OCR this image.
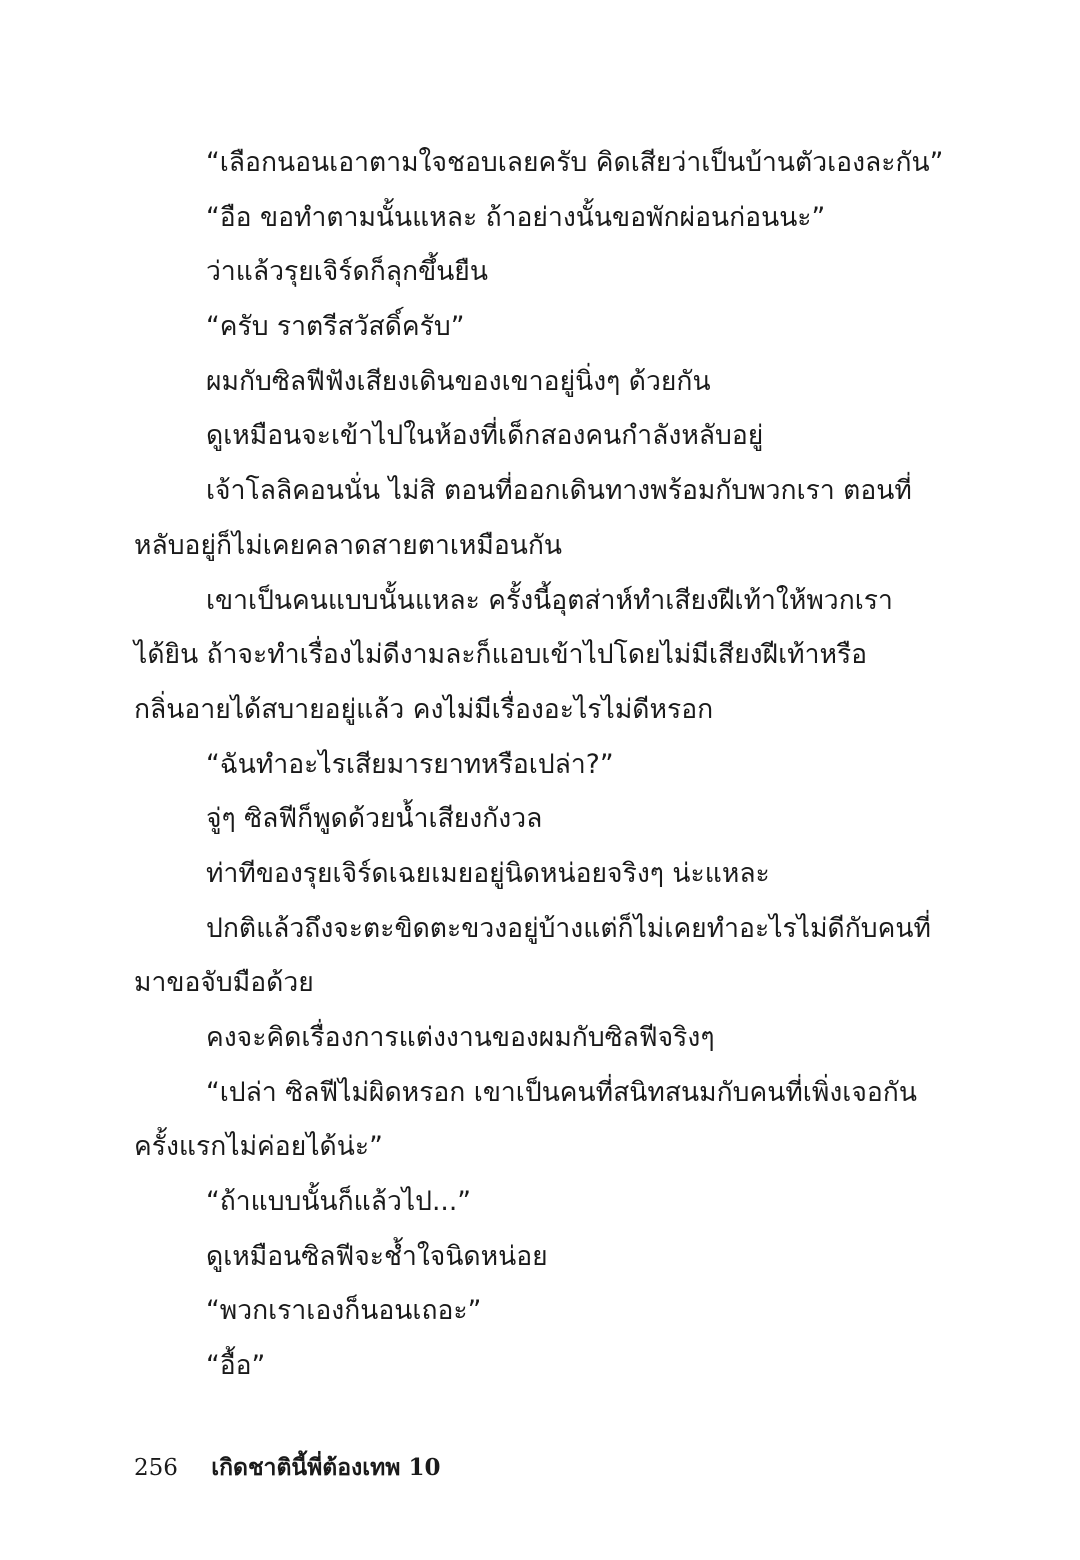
“เลือกนอนเอาตามใจชอบเลยครับ คิดเสียว่าเป็นบ้านตัวเองละกัน”
“อือ ขอทำตามนั้นแหละ ถ้าอย่างนั้นขอพักผ่อนก่อนนะ”
ว่าแล้วรุยเจิร์ดก็ลุกขึ้นยืน
“ครับ ราตรีสวัสดิ์ครับ”
ผมกับซิลฟีฟังเสียงเดินของเขาอยู่นิ่งๆ ด้วยกัน
ดูเหมือนจะเข้าไปในห้องที่เด็กสองคนกำลังหลับอยู่
เจ้าโลลิคอนนั่น ไม่สิ ตอนที่ออกเดินทางพร้อมกับพวกเรา ตอนที่
หลับอยู่ก็ไม่เคยคลาดสายตาเหมือนกัน
เขาเป็นคนแบบนั้นแหละ ครั้งนี้อุตส่าห์ทำเสียงฝีเท้าให้พวกเรา
ได้ยิน ถ้าจะทำเรื่องไม่ดีงามละก็แอบเข้าไปโดยไม่มีเสียงฝีเท้าหรือ
กลิ่นอายได้สบายอยู่แล้ว คงไม่มีเรื่องอะไรไม่ดีหรอก
“ฉันทำอะไรเสียมารยาทหรือเปล่า?”
จู่ๆ ซิลฟีก็พูดด้วยน้ำเสียงกังวล
ท่าทีของรุยเจิร์ดเฉยเมยอยู่นิดหน่อยจริงๆ น่ะแหละ
ปกติแล้วถึงจะตะขิดตะขวงอยู่บ้างแต่ก็ไม่เคยทำอะไรไม่ดีกับคนที่
มาขอจับมือด้วย
คงจะคิดเรื่องการแต่งงานของผมกับซิลฟีจริงๆ
“เปล่า ซิลฟีไม่ผิดหรอก เขาเป็นคนที่สนิทสนมกับคนที่เพิ่งเจอกัน
ครั้งแรกไม่ค่อยได้น่ะ”
“ถ้าแบบนั้นก็แล้วไป...”
ดูเหมือนซิลฟีจะช้ำใจนิดหน่อย
“พวกเราเองก็นอนเถอะ”
“อื้อ”
256 เกิดชาตินี้พี่ต้องเทพ 10
